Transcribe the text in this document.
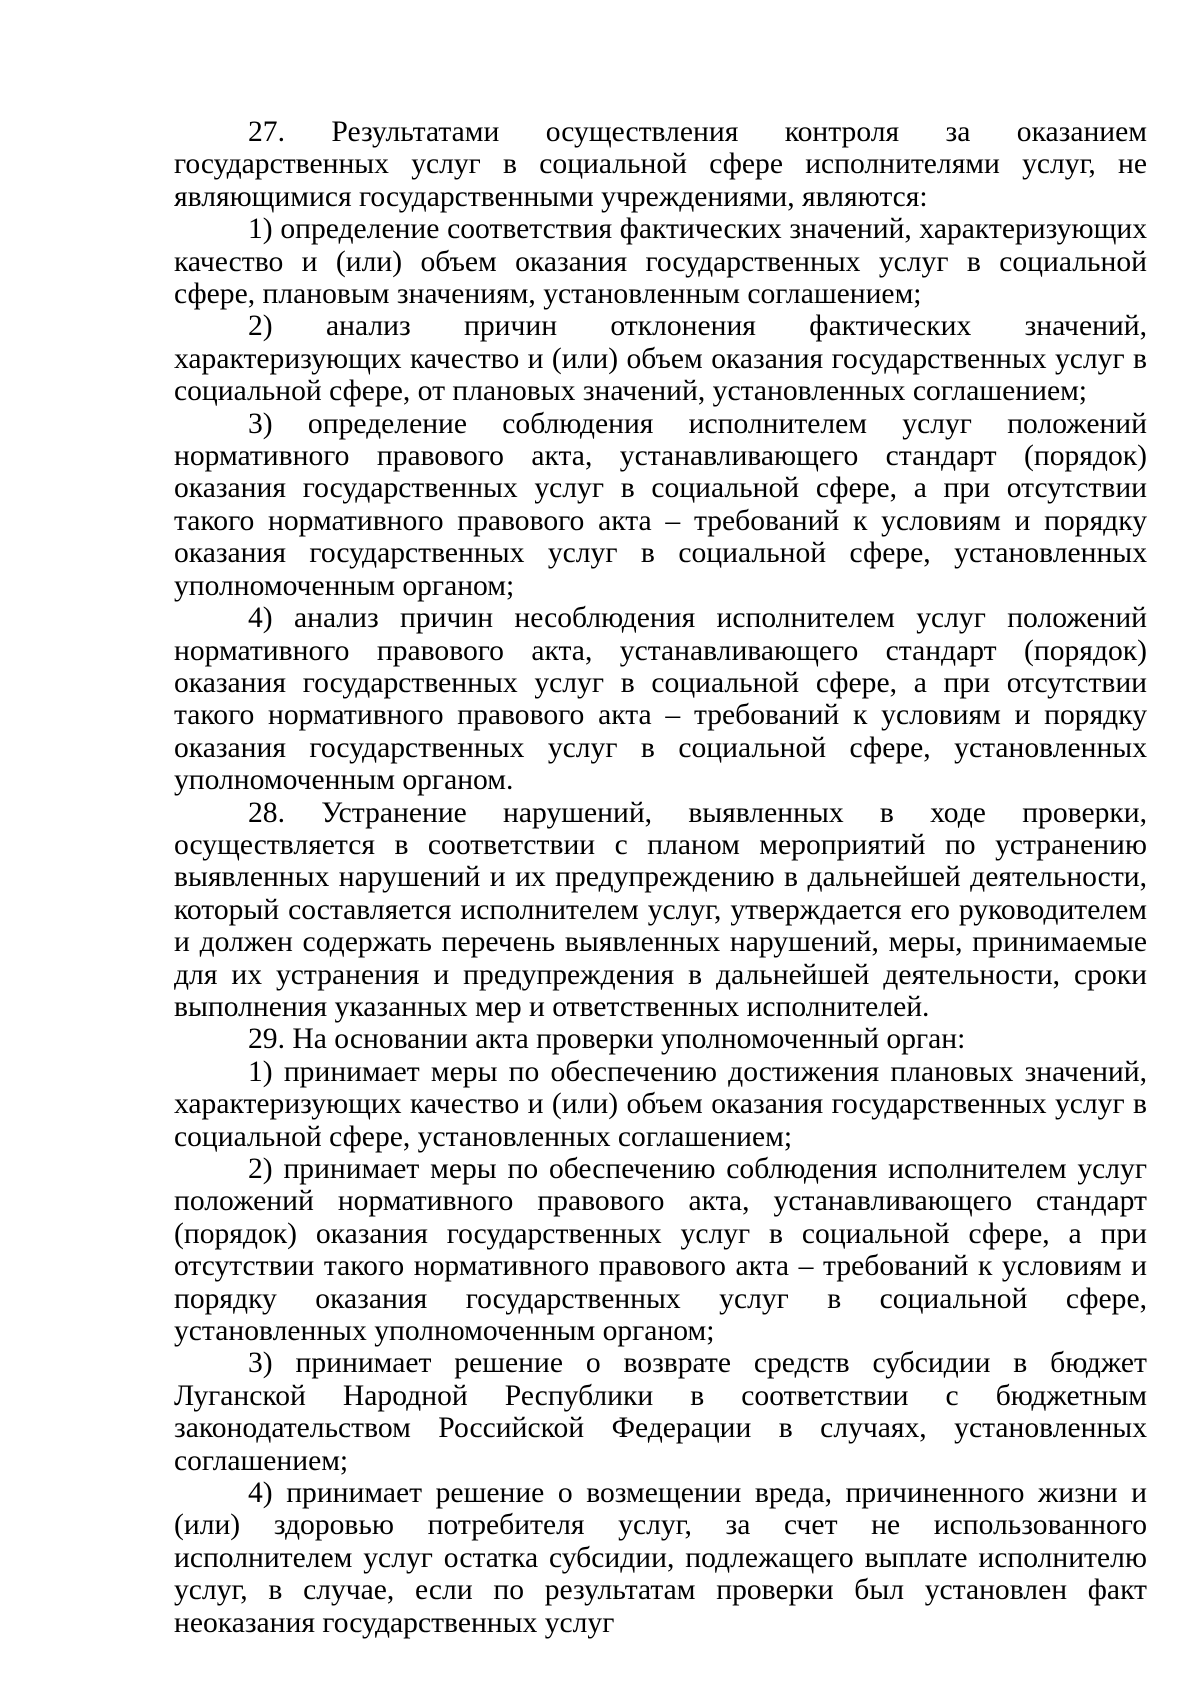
27. Результатами осуществления контроля за оказанием государственных услуг в социальной сфере исполнителями услуг, не являющимися государственными учреждениями, являются:

1) определение соответствия фактических значений, характеризующих качество и (или) объем оказания государственных услуг в социальной сфере, плановым значениям, установленным соглашением;

2) анализ причин отклонения фактических значений, характеризующих качество и (или) объем оказания государственных услуг в социальной сфере, от плановых значений, установленных соглашением;

3) определение соблюдения исполнителем услуг положений нормативного правового акта, устанавливающего стандарт (порядок) оказания государственных услуг в социальной сфере, а при отсутствии такого нормативного правового акта – требований к условиям и порядку оказания государственных услуг в социальной сфере, установленных уполномоченным органом;

4) анализ причин несоблюдения исполнителем услуг положений нормативного правового акта, устанавливающего стандарт (порядок) оказания государственных услуг в социальной сфере, а при отсутствии такого нормативного правового акта – требований к условиям и порядку оказания государственных услуг в социальной сфере, установленных уполномоченным органом.

28. Устранение нарушений, выявленных в ходе проверки, осуществляется в соответствии с планом мероприятий по устранению выявленных нарушений и их предупреждению в дальнейшей деятельности, который составляется исполнителем услуг, утверждается его руководителем и должен содержать перечень выявленных нарушений, меры, принимаемые для их устранения и предупреждения в дальнейшей деятельности, сроки выполнения указанных мер и ответственных исполнителей.

29. На основании акта проверки уполномоченный орган:

1) принимает меры по обеспечению достижения плановых значений, характеризующих качество и (или) объем оказания государственных услуг в социальной сфере, установленных соглашением;

2) принимает меры по обеспечению соблюдения исполнителем услуг положений нормативного правового акта, устанавливающего стандарт (порядок) оказания государственных услуг в социальной сфере, а при отсутствии такого нормативного правового акта – требований к условиям и порядку оказания государственных услуг в социальной сфере, установленных уполномоченным органом;

3) принимает решение о возврате средств субсидии в бюджет Луганской Народной Республики в соответствии с бюджетным законодательством Российской Федерации в случаях, установленных соглашением;

4) принимает решение о возмещении вреда, причиненного жизни и (или) здоровью потребителя услуг, за счет не использованного исполнителем услуг остатка субсидии, подлежащего выплате исполнителю услуг, в случае, если по результатам проверки был установлен факт неоказания государственных услуг
